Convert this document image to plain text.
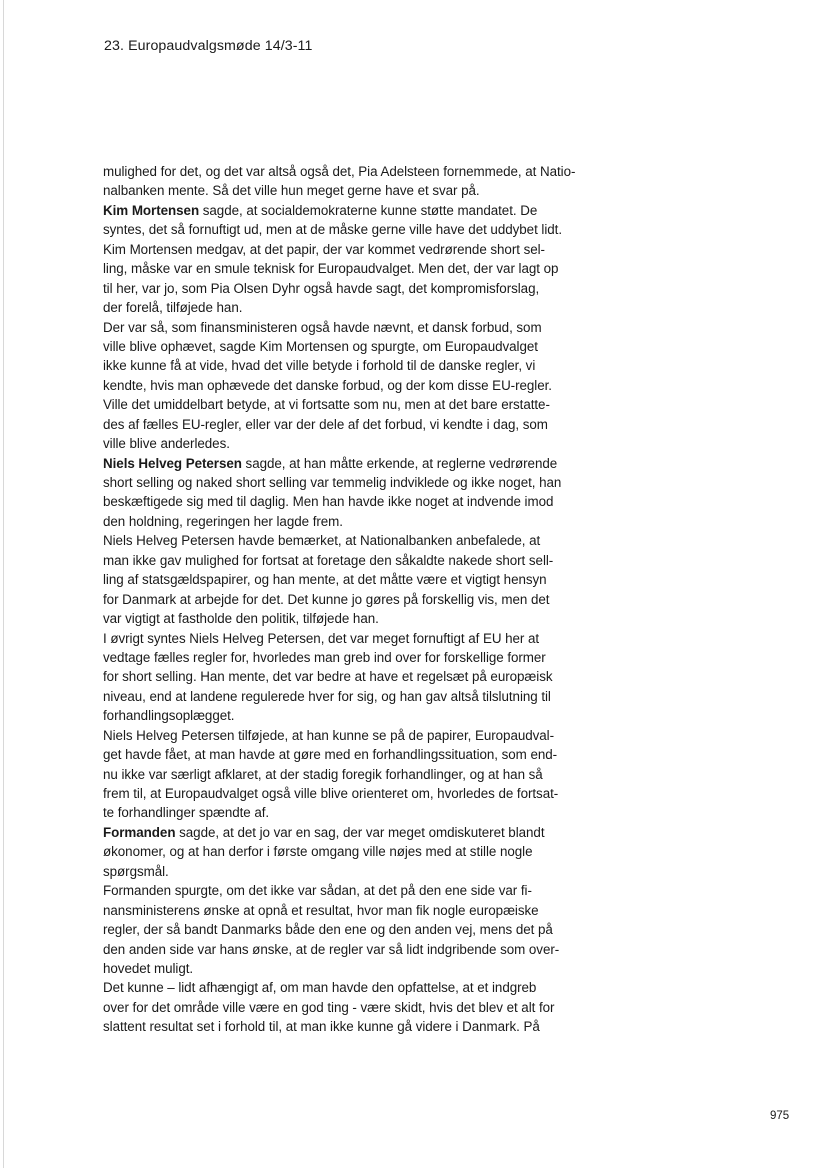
23. Europaudvalgsmøde 14/3-11
mulighed for det, og det var altså også det, Pia Adelsteen fornemmede, at Natio-
nalbanken mente. Så det ville hun meget gerne have et svar på.
Kim Mortensen sagde, at socialdemokraterne kunne støtte mandatet. De
syntes, det så fornuftigt ud, men at de måske gerne ville have det uddybet lidt.
Kim Mortensen medgav, at det papir, der var kommet vedrørende short sel-
ling, måske var en smule teknisk for Europaudvalget. Men det, der var lagt op
til her, var jo, som Pia Olsen Dyhr også havde sagt, det kompromisforslag,
der forelå, tilføjede han.
Der var så, som finansministeren også havde nævnt, et dansk forbud, som
ville blive ophævet, sagde Kim Mortensen og spurgte, om Europaudvalget
ikke kunne få at vide, hvad det ville betyde i forhold til de danske regler, vi
kendte, hvis man ophævede det danske forbud, og der kom disse EU-regler.
Ville det umiddelbart betyde, at vi fortsatte som nu, men at det bare erstatte-
des af fælles EU-regler, eller var der dele af det forbud, vi kendte i dag, som
ville blive anderledes.
Niels Helveg Petersen sagde, at han måtte erkende, at reglerne vedrørende
short selling og naked short selling var temmelig indviklede og ikke noget, han
beskæftigede sig med til daglig. Men han havde ikke noget at indvende imod
den holdning, regeringen her lagde frem.
Niels Helveg Petersen havde bemærket, at Nationalbanken anbefalede, at
man ikke gav mulighed for fortsat at foretage den såkaldte nakede short sell-
ling af statsgældspapirer, og han mente, at det måtte være et vigtigt hensyn
for Danmark at arbejde for det. Det kunne jo gøres på forskellig vis, men det
var vigtigt at fastholde den politik, tilføjede han.
I øvrigt syntes Niels Helveg Petersen, det var meget fornuftigt af EU her at
vedtage fælles regler for, hvorledes man greb ind over for forskellige former
for short selling. Han mente, det var bedre at have et regelsæt på europæisk
niveau, end at landene regulerede hver for sig, og han gav altså tilslutning til
forhandlingsoplægget.
Niels Helveg Petersen tilføjede, at han kunne se på de papirer, Europaudval-
get havde fået, at man havde at gøre med en forhandlingssituation, som end-
nu ikke var særligt afklaret, at der stadig foregik forhandlinger, og at han så
frem til, at Europaudvalget også ville blive orienteret om, hvorledes de fortsat-
te forhandlinger spændte af.
Formanden sagde, at det jo var en sag, der var meget omdiskuteret blandt
økonomer, og at han derfor i første omgang ville nøjes med at stille nogle
spørgsmål.
Formanden spurgte, om det ikke var sådan, at det på den ene side var fi-
nansministerens ønske at opnå et resultat, hvor man fik nogle europæiske
regler, der så bandt Danmarks både den ene og den anden vej, mens det på
den anden side var hans ønske, at de regler var så lidt indgribende som over-
hovedet muligt.
Det kunne – lidt afhængigt af, om man havde den opfattelse, at et indgreb
over for det område ville være en god ting - være skidt, hvis det blev et alt for
slattent resultat set i forhold til, at man ikke kunne gå videre i Danmark. På
975
